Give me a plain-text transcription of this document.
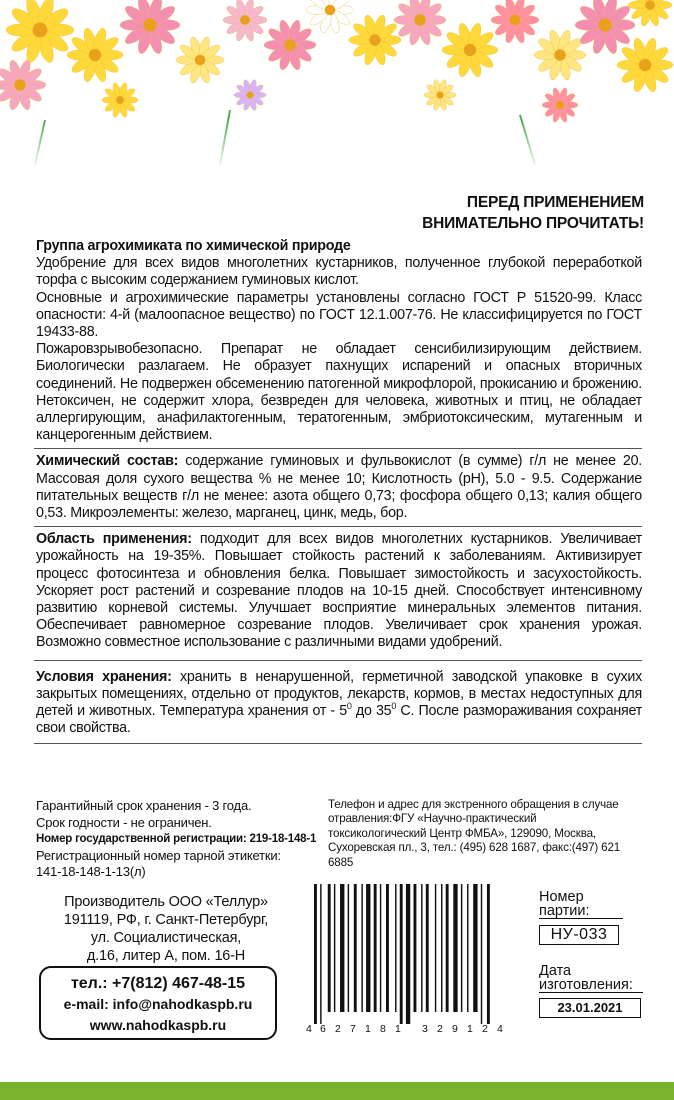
ПЕРЕД ПРИМЕНЕНИЕМ
ВНИМАТЕЛЬНО ПРОЧИТАТЬ!

Группа агрохимиката по химической природе

Удобрение для всех видов многолетних кустарников, полученное глубокой переработкой торфа с высоким содержанием гуминовых кислот.

Основные и агрохимические параметры установлены согласно ГОСТ Р 51520-99. Класс опасности: 4-й (малоопасное вещество) по ГОСТ 12.1.007-76. Не классифицируется по ГОСТ 19433-88.

Пожаровзрывобезопасно. Препарат не обладает сенсибилизирующим действием. Биологически разлагаем. Не образует пахнущих испарений и опасных вторичных соединений. Не подвержен обсеменению патогенной микрофлорой, прокисанию и брожению. Нетоксичен, не содержит хлора, безвреден для человека, животных и птиц, не обладает аллергирующим, анафилактогенным, тератогенным, эмбриотоксическим, мутагенным и канцерогенным действием.

Химический состав: содержание гуминовых и фульвокислот (в сумме) г/л не менее 20. Массовая доля сухого вещества % не менее 10; Кислотность (pH), 5.0 - 9.5. Содержание питательных веществ г/л не менее: азота общего 0,73; фосфора общего 0,13; калия общего 0,53. Микроэлементы: железо, марганец, цинк, медь, бор.

Область применения: подходит для всех видов многолетних кустарников. Увеличивает урожайность на 19-35%. Повышает стойкость растений к заболеваниям. Активизирует процесс фотосинтеза и обновления белка. Повышает зимостойкость и засухостойкость. Ускоряет рост растений и созревание плодов на 10-15 дней. Способствует интенсивному развитию корневой системы. Улучшает восприятие минеральных элементов питания. Обеспечивает равномерное созревание плодов. Увеличивает срок хранения урожая. Возможно совместное использование с различными видами удобрений.

Условия хранения: хранить в ненарушенной, герметичной заводской упаковке в сухих закрытых помещениях, отдельно от продуктов, лекарств, кормов, в местах недоступных для детей и животных. Температура хранения от - $5^0$ до $35^0$ С. После размораживания сохраняет свои свойства.

Гарантийный срок хранения - 3 года.
Срок годности - не ограничен.
Номер государственной регистрации: 219-18-148-1
Регистрационный номер тарной этикетки:
141-18-148-1-13(л)
Телефон и адрес для экстренного обращения в случае отравления:ФГУ «Научно-практический токсикологический Центр ФМБА», 129090, Москва, Сухоревская пл., 3, тел.: (495) 628 1687, факс:(497) 621 6885
Производитель ООО «Теллур»
191119, РФ, г. Санкт-Петербург,
ул. Социалистическая,
д.16, литер А, пом. 16-Н
тел.: +7(812) 467-48-15
e-mail: info@nahodkaspb.ru
www.nahodkaspb.ru	4 6 2 7 1 8 1 3 2 9 1 2 4
Номер
партии:
НУ-033
Дата
изготовления:
23.01.2021
